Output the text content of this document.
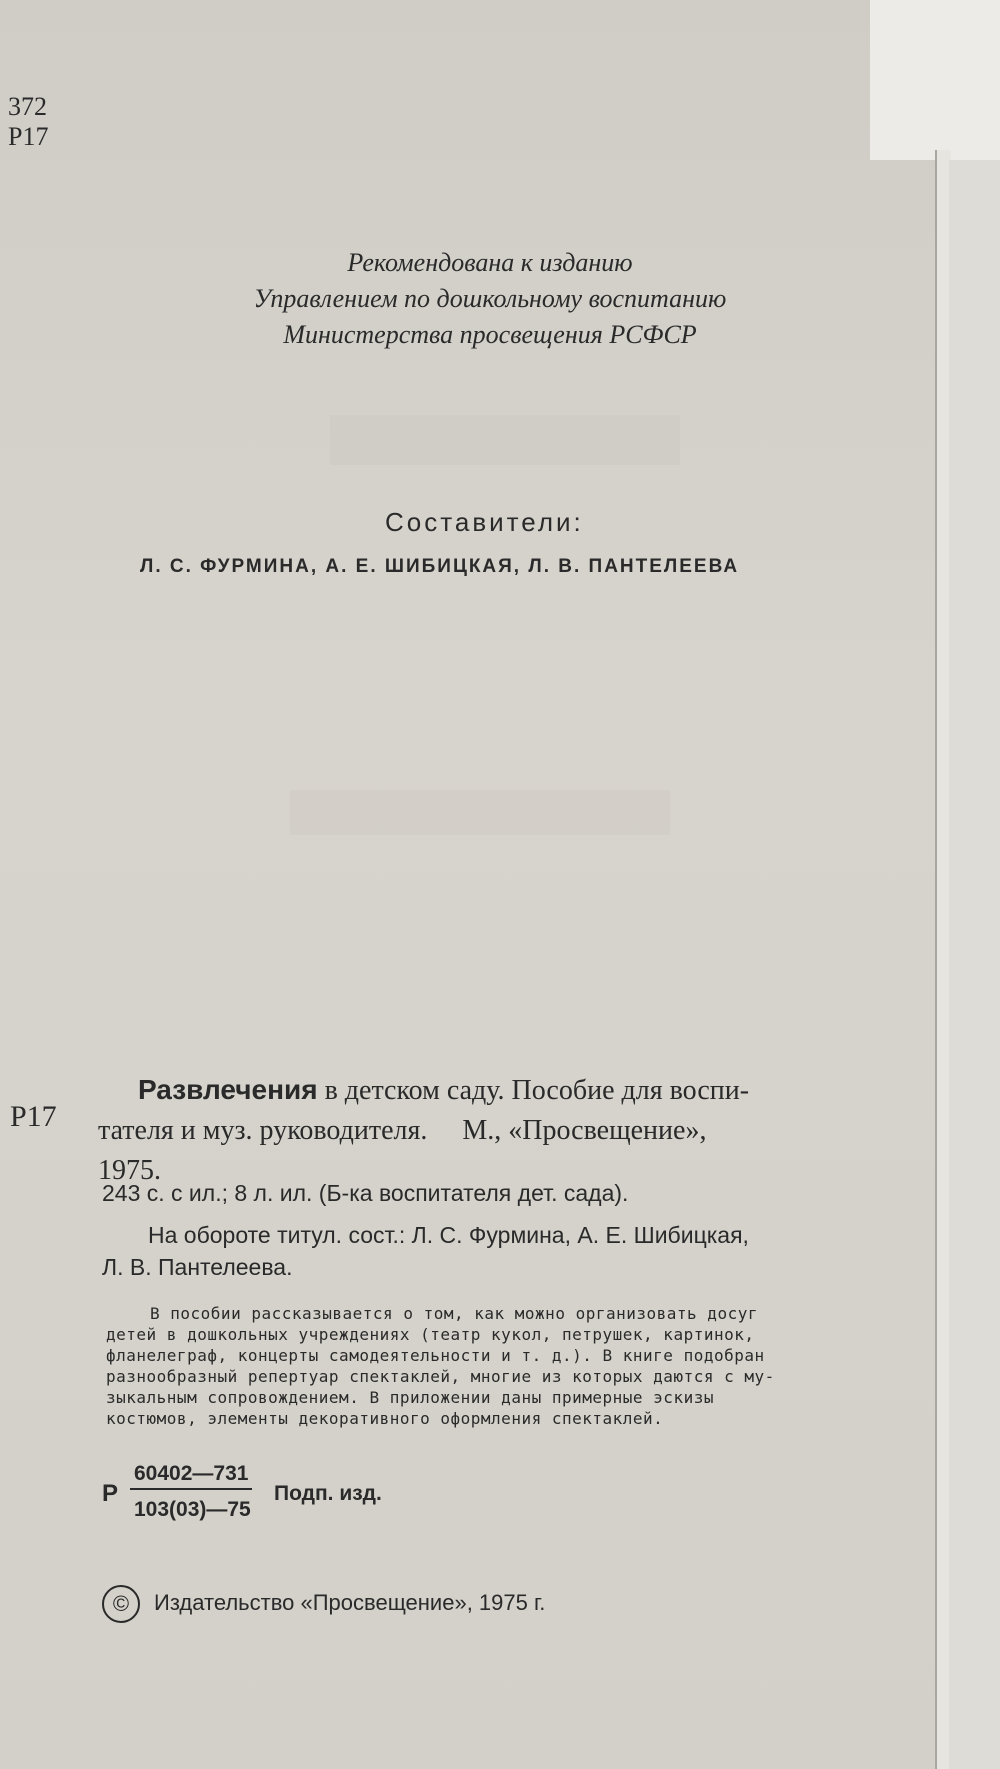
372
Р17
Рекомендована к изданию
Управлением по дошкольному воспитанию
Министерства просвещения РСФСР
Составители:
Л. С. ФУРМИНА, А. Е. ШИБИЦКАЯ, Л. В. ПАНТЕЛЕЕВА
Р17
Развлечения в детском саду. Пособие для воспи-
тателя и муз. руководителя.     М., «Просвещение»,
1975.
243 с. с ил.; 8 л. ил. (Б-ка воспитателя дет. сада).
На обороте титул. сост.: Л. С. Фурмина, А. Е. Шибицкая,
Л. В. Пантелеева.
В пособии рассказывается о том, как можно организовать досуг
детей в дошкольных учреждениях (театр кукол, петрушек, картинок,
фланелеграф, концерты самодеятельности и т. д.). В книге подобран
разнообразный репертуар спектаклей, многие из которых даются с му-
зыкальным сопровождением. В приложении даны примерные эскизы
костюмов, элементы декоративного оформления спектаклей.
Р
60402—731
103(03)—75
Подп. изд.
© Издательство «Просвещение», 1975 г.
